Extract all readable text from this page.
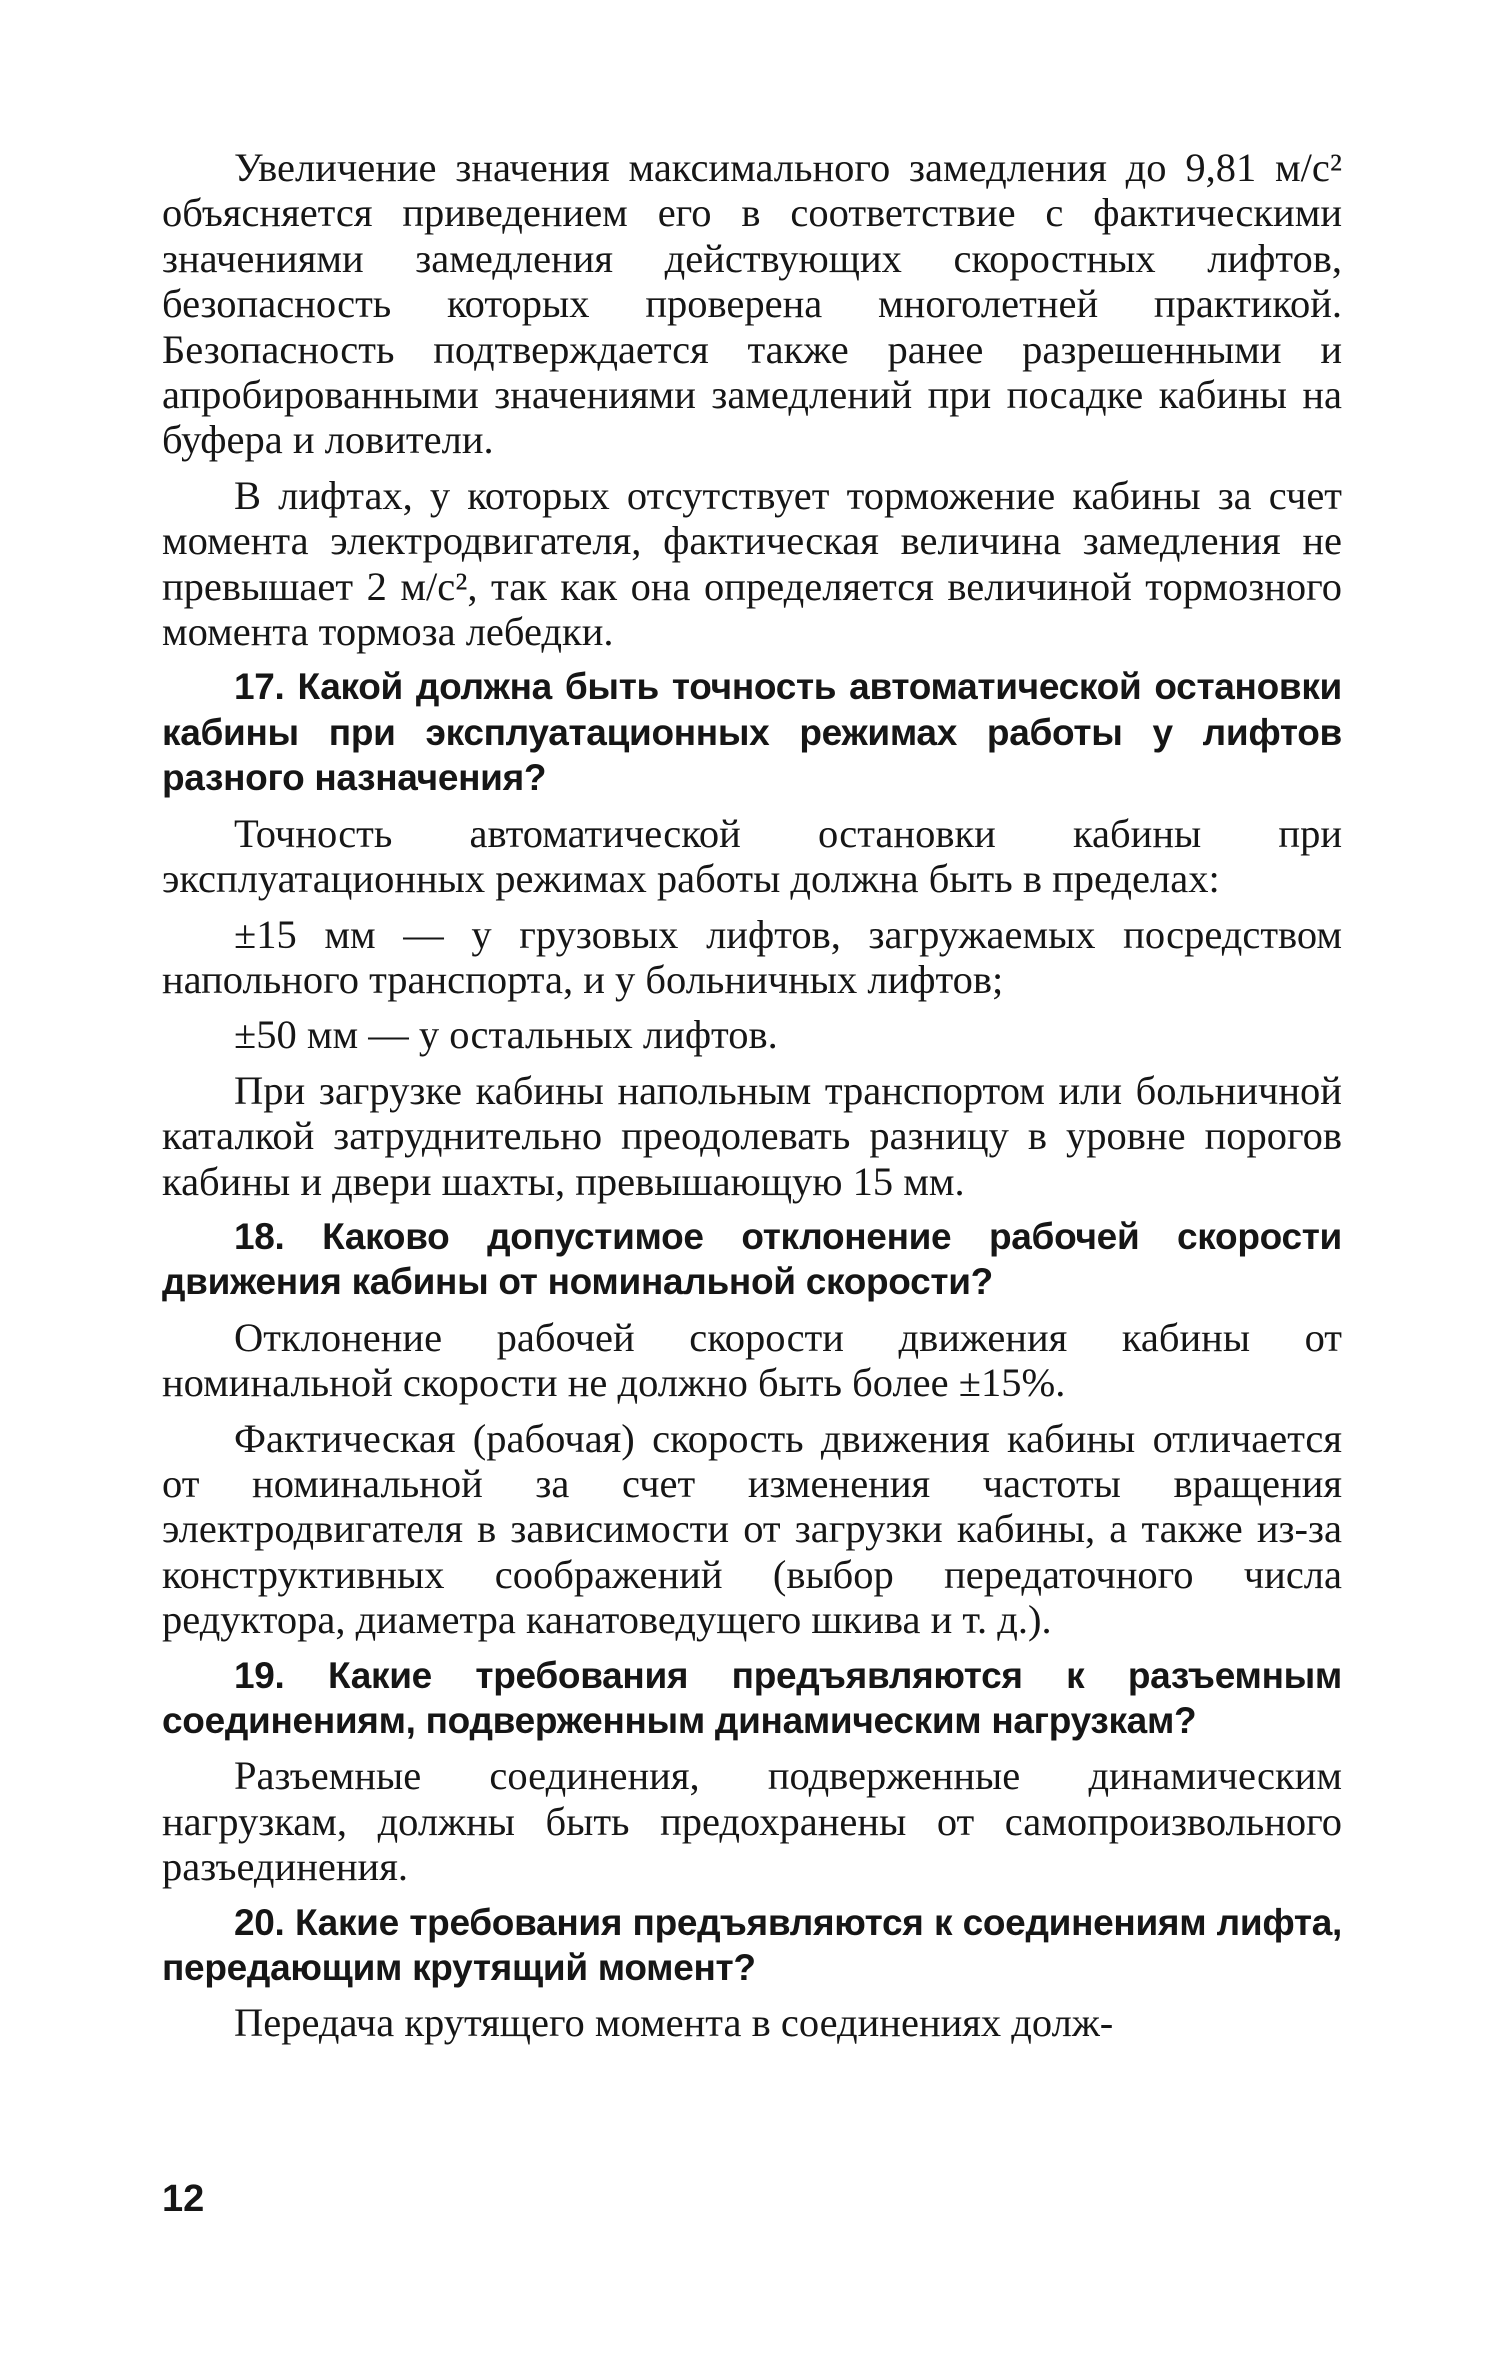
Увеличение значения максимального замедления до 9,81 м/с² объясняется приведением его в соответствие с фактическими значениями замедления действующих скоростных лифтов, безопасность которых проверена многолетней практикой. Безопасность подтверждается также ранее разрешенными и апробированными значениями замедлений при посадке кабины на буфера и ловители.

В лифтах, у которых отсутствует торможение кабины за счет момента электродвигателя, фактическая величина замедления не превышает 2 м/с², так как она определяется величиной тормозного момента тормоза лебедки.

17. Какой должна быть точность автоматической остановки кабины при эксплуатационных режимах работы у лифтов разного назначения?

Точность автоматической остановки кабины при эксплуатационных режимах работы должна быть в пределах:

±15 мм — у грузовых лифтов, загружаемых посредством напольного транспорта, и у больничных лифтов;

±50 мм — у остальных лифтов.

При загрузке кабины напольным транспортом или больничной каталкой затруднительно преодолевать разницу в уровне порогов кабины и двери шахты, превышающую 15 мм.

18. Каково допустимое отклонение рабочей скорости движения кабины от номинальной скорости?

Отклонение рабочей скорости движения кабины от номинальной скорости не должно быть более ±15%.

Фактическая (рабочая) скорость движения кабины отличается от номинальной за счет изменения частоты вращения электродвигателя в зависимости от загрузки кабины, а также из-за конструктивных соображений (выбор передаточного числа редуктора, диаметра канатоведущего шкива и т. д.).

19. Какие требования предъявляются к разъемным соединениям, подверженным динамическим нагрузкам?

Разъемные соединения, подверженные динамическим нагрузкам, должны быть предохранены от самопроизвольного разъединения.

20. Какие требования предъявляются к соединениям лифта, передающим крутящий момент?

Передача крутящего момента в соединениях долж-

12
